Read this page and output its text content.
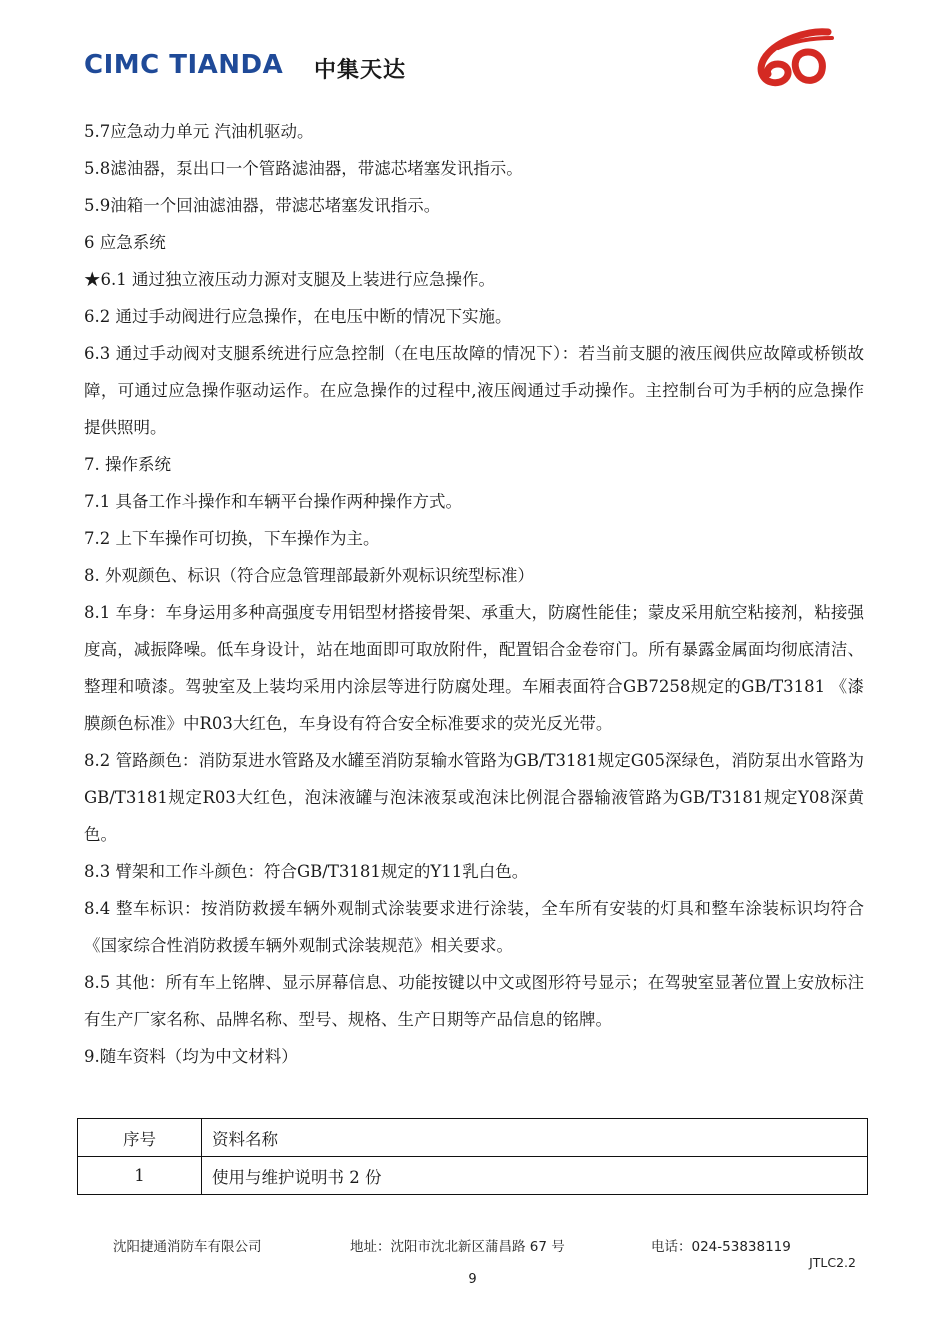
CIMC TIANDA 中集天达

5.7应急动力单元 汽油机驱动。

5.8滤油器，泵出口一个管路滤油器，带滤芯堵塞发讯指示。

5.9油箱一个回油滤油器，带滤芯堵塞发讯指示。

6 应急系统

★6.1 通过独立液压动力源对支腿及上装进行应急操作。

6.2 通过手动阀进行应急操作，在电压中断的情况下实施。

6.3 通过手动阀对支腿系统进行应急控制（在电压故障的情况下）：若当前支腿的液压阀供应故障或桥锁故障，可通过应急操作驱动运作。在应急操作的过程中,液压阀通过手动操作。主控制台可为手柄的应急操作提供照明。

7. 操作系统

7.1 具备工作斗操作和车辆平台操作两种操作方式。

7.2 上下车操作可切换，下车操作为主。

8. 外观颜色、标识（符合应急管理部最新外观标识统型标准）

8.1 车身：车身运用多种高强度专用铝型材搭接骨架、承重大，防腐性能佳；蒙皮采用航空粘接剂，粘接强度高，减振降噪。低车身设计，站在地面即可取放附件，配置铝合金卷帘门。所有暴露金属面均彻底清洁、整理和喷漆。驾驶室及上装均采用内涂层等进行防腐处理。车厢表面符合GB7258规定的GB/T3181 《漆膜颜色标准》中R03大红色，车身设有符合安全标准要求的荧光反光带。

8.2 管路颜色：消防泵进水管路及水罐至消防泵输水管路为GB/T3181规定G05深绿色，消防泵出水管路为 GB/T3181规定R03大红色，泡沫液罐与泡沫液泵或泡沫比例混合器输液管路为GB/T3181规定Y08深黄色。

8.3 臂架和工作斗颜色：符合GB/T3181规定的Y11乳白色。

8.4 整车标识：按消防救援车辆外观制式涂装要求进行涂装，全车所有安装的灯具和整车涂装标识均符合《国家综合性消防救援车辆外观制式涂装规范》相关要求。

8.5 其他：所有车上铭牌、显示屏幕信息、功能按键以中文或图形符号显示；在驾驶室显著位置上安放标注有生产厂家名称、品牌名称、型号、规格、生产日期等产品信息的铭牌。

9.随车资料（均为中文材料）

序号	资料名称
1	使用与维护说明书 2 份
沈阳捷通消防车有限公司	地址：沈阳市沈北新区蒲昌路 67 号	电话：024-53838119
JTLC2.2
9
